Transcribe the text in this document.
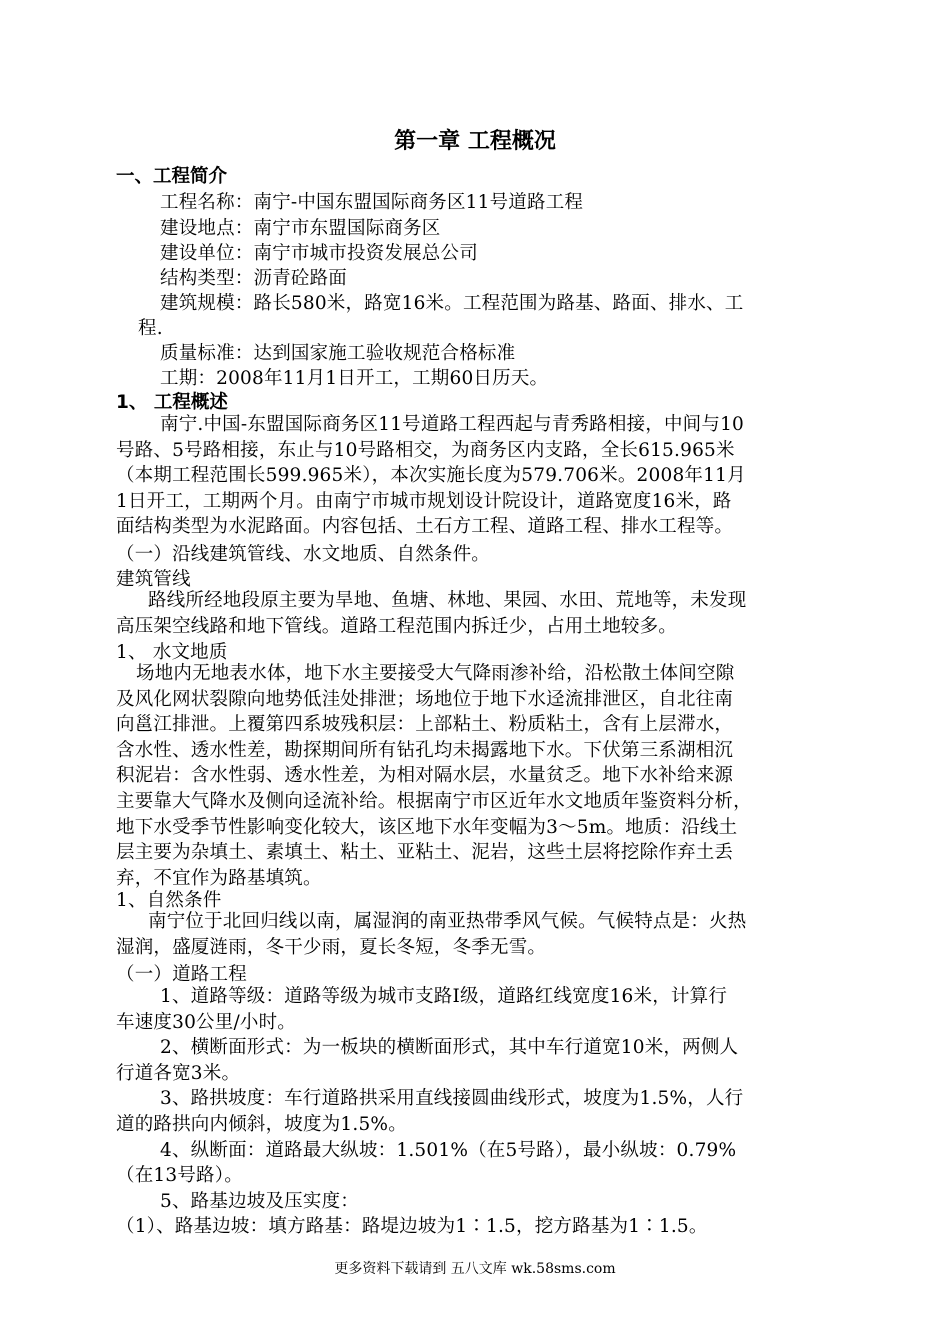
第一章 工程概况
一、工程简介
工程名称：南宁-中国东盟国际商务区11号道路工程
建设地点：南宁市东盟国际商务区
建设单位：南宁市城市投资发展总公司
结构类型：沥青砼路面
建筑规模：路长580米，路宽16米。工程范围为路基、路面、排水、工
程.
质量标准：达到国家施工验收规范合格标准
工期：2008年11月1日开工，工期60日历天。
1、 工程概述
南宁.中国-东盟国际商务区11号道路工程西起与青秀路相接，中间与10
号路、5号路相接，东止与10号路相交，为商务区内支路，全长615.965米
（本期工程范围长599.965米），本次实施长度为579.706米。2008年11月
1日开工，工期两个月。由南宁市城市规划设计院设计，道路宽度16米，路
面结构类型为水泥路面。内容包括、土石方工程、道路工程、排水工程等。
（一）沿线建筑管线、水文地质、自然条件。
建筑管线
路线所经地段原主要为旱地、鱼塘、林地、果园、水田、荒地等，未发现
高压架空线路和地下管线。道路工程范围内拆迁少，占用土地较多。
1、 水文地质
场地内无地表水体，地下水主要接受大气降雨渗补给，沿松散土体间空隙
及风化网状裂隙向地势低洼处排泄；场地位于地下水迳流排泄区，自北往南
向邕江排泄。上覆第四系坡残积层：上部粘土、粉质粘土，含有上层滞水，
含水性、透水性差，勘探期间所有钻孔均未揭露地下水。下伏第三系湖相沉
积泥岩：含水性弱、透水性差，为相对隔水层，水量贫乏。地下水补给来源
主要靠大气降水及侧向迳流补给。根据南宁市区近年水文地质年鉴资料分析，
地下水受季节性影响变化较大，该区地下水年变幅为3～5m。地质：沿线土
层主要为杂填土、素填土、粘土、亚粘土、泥岩，这些土层将挖除作弃土丢
弃，不宜作为路基填筑。
1、自然条件
南宁位于北回归线以南，属湿润的南亚热带季风气候。气候特点是：火热
湿润，盛厦涟雨，冬干少雨，夏长冬短，冬季无雪。
（一）道路工程
1、道路等级：道路等级为城市支路Ⅰ级，道路红线宽度16米，计算行
车速度30公里/小时。
2、横断面形式：为一板块的横断面形式，其中车行道宽10米，两侧人
行道各宽3米。
3、路拱坡度：车行道路拱采用直线接圆曲线形式，坡度为1.5%，人行
道的路拱向内倾斜，坡度为1.5%。
4、纵断面：道路最大纵坡：1.501%（在5号路），最小纵坡：0.79%
（在13号路）。
5、路基边坡及压实度：
（1）、路基边坡：填方路基：路堤边坡为1∶1.5，挖方路基为1∶1.5。
更多资料下载请到 五八文库 wk.58sms.com
